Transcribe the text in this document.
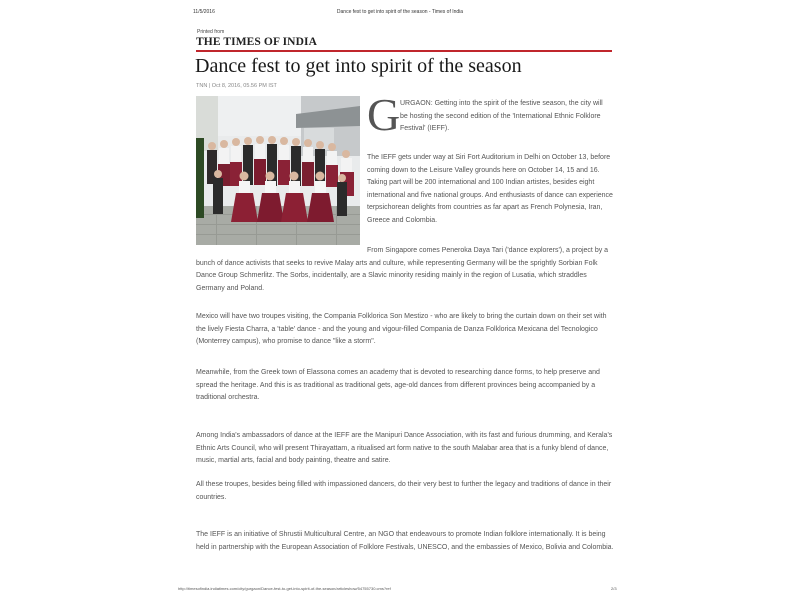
11/5/2016	Dance fest to get into spirit of the season - Times of India
Printed from
THE TIMES OF INDIA
Dance fest to get into spirit of the season
TNN | Oct 8, 2016, 05.56 PM IST
G URGAON: Getting into the spirit of the festive season, the city will be hosting the second edition of the 'International Ethnic Folklore Festival' (IEFF).

The IEFF gets under way at Siri Fort Auditorium in Delhi on October 13, before coming down to the Leisure Valley grounds here on October 14, 15 and 16. Taking part will be 200 international and 100 Indian artistes, besides eight international and five national groups. And enthusiasts of dance can experience terpsichorean delights from countries as far apart as French Polynesia, Iran, Greece and Colombia.

From Singapore comes Peneroka Daya Tari ('dance explorers'), a project by a bunch of dance activists that seeks to revive Malay arts and culture, while representing Germany will be the sprightly Sorbian Folk Dance Group Schmerlitz. The Sorbs, incidentally, are a Slavic minority residing mainly in the region of Lusatia, which straddles Germany and Poland.

Mexico will have two troupes visiting, the Compania Folklorica Son Mestizo - who are likely to bring the curtain down on their set with the lively Fiesta Charra, a 'table' dance - and the young and vigour-filled Compania de Danza Folklorica Mexicana del Tecnologico (Monterrey campus), who promise to dance "like a storm".

Meanwhile, from the Greek town of Elassona comes an academy that is devoted to researching dance forms, to help preserve and spread the heritage. And this is as traditional as traditional gets, age-old dances from different provinces being accompanied by a traditional orchestra.

Among India's ambassadors of dance at the IEFF are the Manipuri Dance Association, with its fast and furious drumming, and Kerala's Ethnic Arts Council, who will present Thirayattam, a ritualised art form native to the south Malabar area that is a funky blend of dance, music, martial arts, facial and body painting, theatre and satire.

All these troupes, besides being filled with impassioned dancers, do their very best to further the legacy and traditions of dance in their countries.

The IEFF is an initiative of Shrustii Multicultural Centre, an NGO that endeavours to promote Indian folklore internationally. It is being held in partnership with the European Association of Folklore Festivals, UNESCO, and the embassies of Mexico, Bolivia and Colombia.

http://timesofindia.indiatimes.com/city/gurgaon/Dance-fest-to-get-into-spirit-of-the-season/articleshow/54755730.cms?ref	2/3
